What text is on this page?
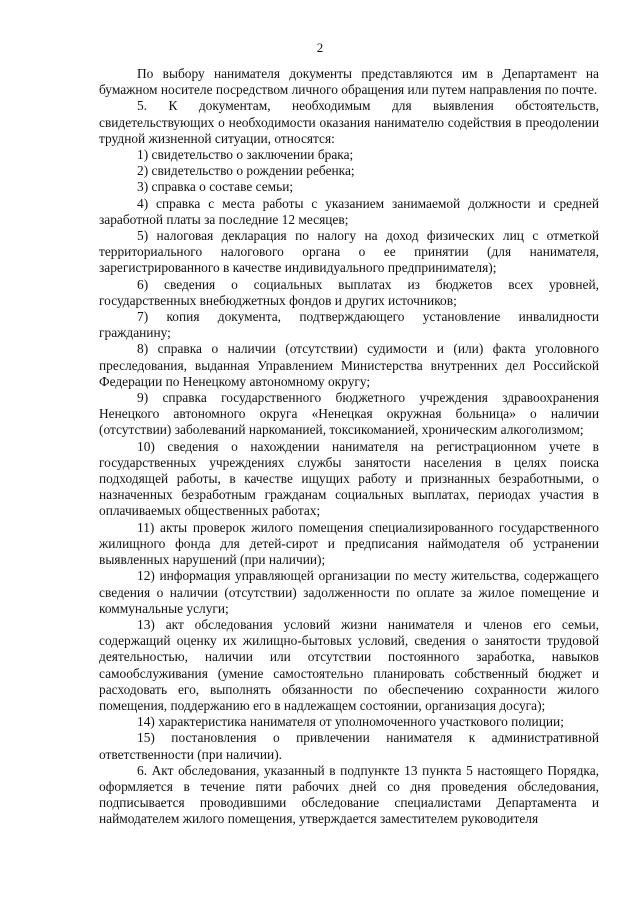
2

По выбору нанимателя документы представляются им в Департамент на бумажном носителе посредством личного обращения или путем направления по почте.

5. К документам, необходимым для выявления обстоятельств, свидетельствующих о необходимости оказания нанимателю содействия в преодолении трудной жизненной ситуации, относятся:

1) свидетельство о заключении брака;

2) свидетельство о рождении ребенка;

3) справка о составе семьи;

4) справка с места работы с указанием занимаемой должности и средней заработной платы за последние 12 месяцев;

5) налоговая декларация по налогу на доход физических лиц с отметкой территориального налогового органа о ее принятии (для нанимателя, зарегистрированного в качестве индивидуального предпринимателя);

6) сведения о социальных выплатах из бюджетов всех уровней, государственных внебюджетных фондов и других источников;

7) копия документа, подтверждающего установление инвалидности гражданину;

8) справка о наличии (отсутствии) судимости и (или) факта уголовного преследования, выданная Управлением Министерства внутренних дел Российской Федерации по Ненецкому автономному округу;

9) справка государственного бюджетного учреждения здравоохранения Ненецкого автономного округа «Ненецкая окружная больница» о наличии (отсутствии) заболеваний наркоманией, токсикоманией, хроническим алкоголизмом;

10) сведения о нахождении нанимателя на регистрационном учете в государственных учреждениях службы занятости населения в целях поиска подходящей работы, в качестве ищущих работу и признанных безработными, о назначенных безработным гражданам социальных выплатах, периодах участия в оплачиваемых общественных работах;

11) акты проверок жилого помещения специализированного государственного жилищного фонда для детей-сирот и предписания наймодателя об устранении выявленных нарушений (при наличии);

12) информация управляющей организации по месту жительства, содержащего сведения о наличии (отсутствии) задолженности по оплате за жилое помещение и коммунальные услуги;

13) акт обследования условий жизни нанимателя и членов его семьи, содержащий оценку их жилищно-бытовых условий, сведения о занятости трудовой деятельностью, наличии или отсутствии постоянного заработка, навыков самообслуживания (умение самостоятельно планировать собственный бюджет и расходовать его, выполнять обязанности по обеспечению сохранности жилого помещения, поддержанию его в надлежащем состоянии, организация досуга);

14) характеристика нанимателя от уполномоченного участкового полиции;

15) постановления о привлечении нанимателя к административной ответственности (при наличии).

6. Акт обследования, указанный в подпункте 13 пункта 5 настоящего Порядка, оформляется в течение пяти рабочих дней со дня проведения обследования, подписывается проводившими обследование специалистами Департамента и наймодателем жилого помещения, утверждается заместителем руководителя
